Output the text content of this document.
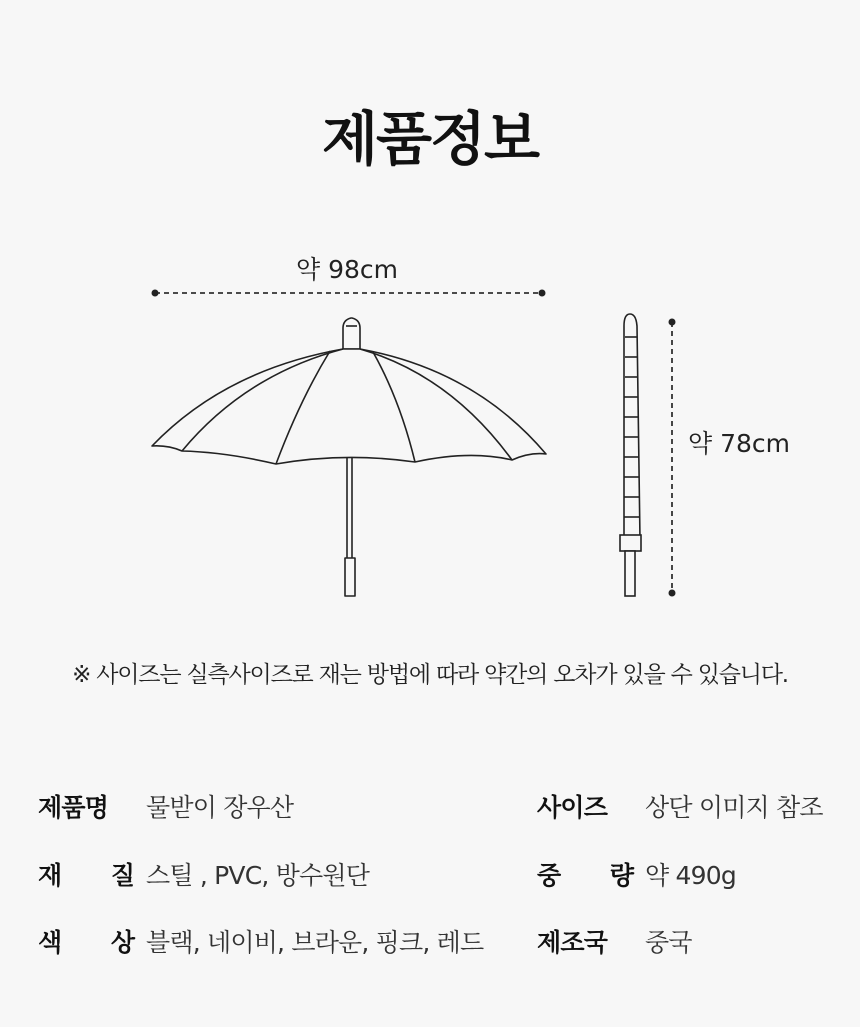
제품정보
약 98cm
약 78cm
※ 사이즈는 실측사이즈로 재는 방법에 따라 약간의 오차가 있을 수 있습니다.
제품명 물받이 장우산
재 질
스틸 , PVC, 방수원단
색 상
블랙, 네이비, 브라운, 핑크, 레드
사이즈 상단 이미지 참조
중 량
약 490g
제조국 중국
